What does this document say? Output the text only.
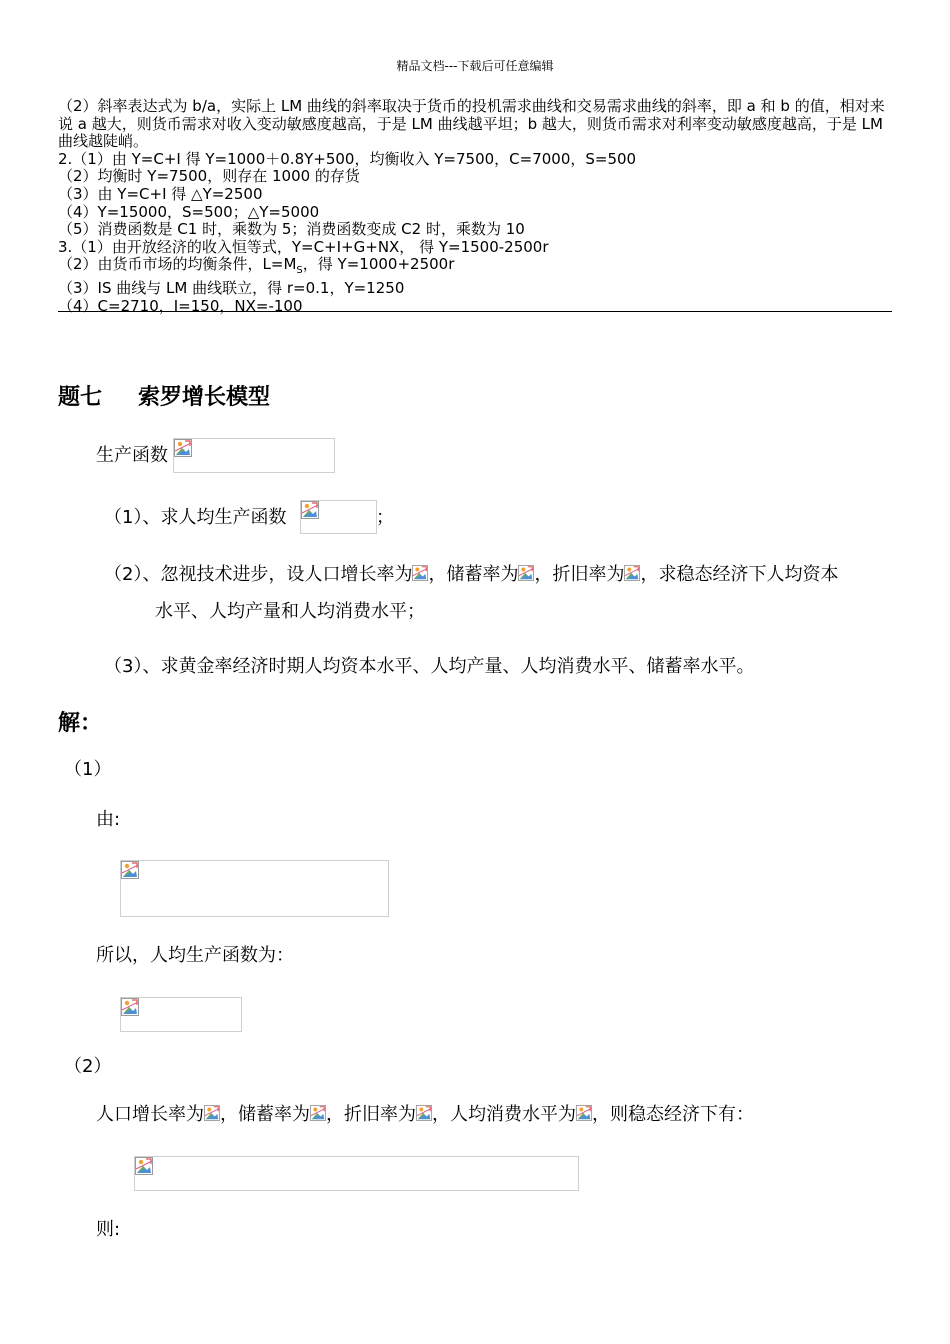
精品文档---下载后可任意编辑
（2）斜率表达式为 b/a，实际上 LM 曲线的斜率取决于货币的投机需求曲线和交易需求曲线的斜率，即 a 和 b 的值，相对来说 a 越大，则货币需求对收入变动敏感度越高，于是 LM 曲线越平坦；b 越大，则货币需求对利率变动敏感度越高，于是 LM 曲线越陡峭。
2.（1）由 Y=C+I 得 Y=1000＋0.8Y+500，均衡收入 Y=7500，C=7000，S=500
（2）均衡时 Y=7500，则存在 1000 的存货
（3）由 Y=C+I 得 △Y=2500
（4）Y=15000，S=500；△Y=5000
（5）消费函数是 C1 时，乘数为 5；消费函数变成 C2 时，乘数为 10
3.（1）由开放经济的收入恒等式，Y=C+I+G+NX， 得 Y=1500-2500r
（2）由货币市场的均衡条件，$L=M_S$，得 Y=1000+2500r
（3）IS 曲线与 LM 曲线联立，得 r=0.1，Y=1250
（4）C=2710，I=150，NX=-100
题七 索罗增长模型
生产函数
（1）、求人均生产函数	；
（2）、忽视技术进步，设人口增长率为 ，储蓄率为 ，折旧率为 ，求稳态经济下人均资本
水平、人均产量和人均消费水平；
（3）、求黄金率经济时期人均资本水平、人均产量、人均消费水平、储蓄率水平。
解：
（1）
由:
所以，人均生产函数为：
（2）
人口增长率为 ，储蓄率为 ，折旧率为 ，人均消费水平为 ，则稳态经济下有：
则:
